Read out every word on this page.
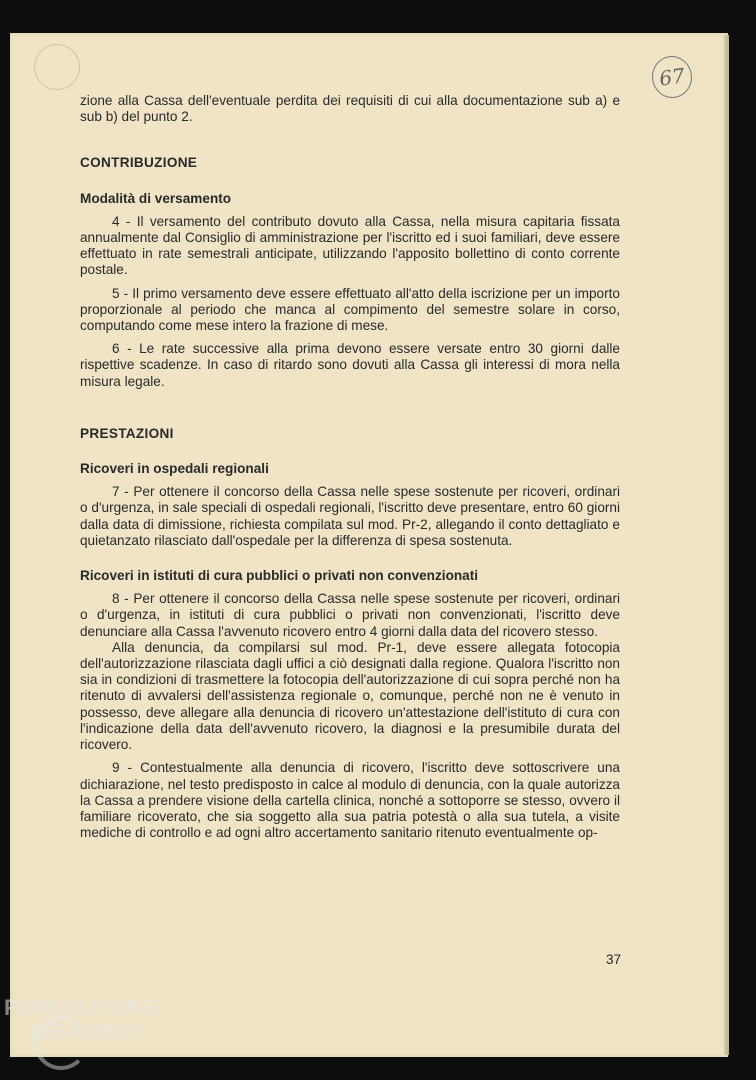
67

zione alla Cassa dell'eventuale perdita dei requisiti di cui alla documentazione sub a) e sub b) del punto 2.

CONTRIBUZIONE
Modalità di versamento

4 - Il versamento del contributo dovuto alla Cassa, nella misura capitaria fissata annualmente dal Consiglio di amministrazione per l'iscritto ed i suoi familiari, deve essere effettuato in rate semestrali anticipate, utilizzando l'apposito bollettino di conto corrente postale.

5 - Il primo versamento deve essere effettuato all'atto della iscrizione per un importo proporzionale al periodo che manca al compimento del semestre solare in corso, computando come mese intero la frazione di mese.

6 - Le rate successive alla prima devono essere versate entro 30 giorni dalle rispettive scadenze. In caso di ritardo sono dovuti alla Cassa gli interessi di mora nella misura legale.

PRESTAZIONI
Ricoveri in ospedali regionali

7 - Per ottenere il concorso della Cassa nelle spese sostenute per ricoveri, ordinari o d'urgenza, in sale speciali di ospedali regionali, l'iscritto deve presentare, entro 60 giorni dalla data di dimissione, richiesta compilata sul mod. Pr-2, allegando il conto dettagliato e quietanzato rilasciato dall'ospedale per la differenza di spesa sostenuta.

Ricoveri in istituti di cura pubblici o privati non convenzionati

8 - Per ottenere il concorso della Cassa nelle spese sostenute per ricoveri, ordinari o d'urgenza, in istituti di cura pubblici o privati non convenzionati, l'iscritto deve denunciare alla Cassa l'avvenuto ricovero entro 4 giorni dalla data del ricovero stesso.

Alla denuncia, da compilarsi sul mod. Pr-1, deve essere allegata fotocopia dell'autorizzazione rilasciata dagli uffici a ciò designati dalla regione. Qualora l'iscritto non sia in condizioni di trasmettere la fotocopia dell'autorizzazione di cui sopra perché non ha ritenuto di avvalersi dell'assistenza regionale o, comunque, perché non ne è venuto in possesso, deve allegare alla denuncia di ricovero un'attestazione dell'istituto di cura con l'indicazione della data dell'avvenuto ricovero, la diagnosi e la presumibile durata del ricovero.

9 - Contestualmente alla denuncia di ricovero, l'iscritto deve sottoscrivere una dichiarazione, nel testo predisposto in calce al modulo di denuncia, con la quale autorizza la Cassa a prendere visione della cartella clinica, nonché a sottoporre se stesso, ovvero il familiare ricoverato, che sia soggetto alla sua patria potestà o alla sua tutela, a visite mediche di controllo e ad ogni altro accertamento sanitario ritenuto eventualmente op-

37
FONDAZIONE
GRAMSCI
